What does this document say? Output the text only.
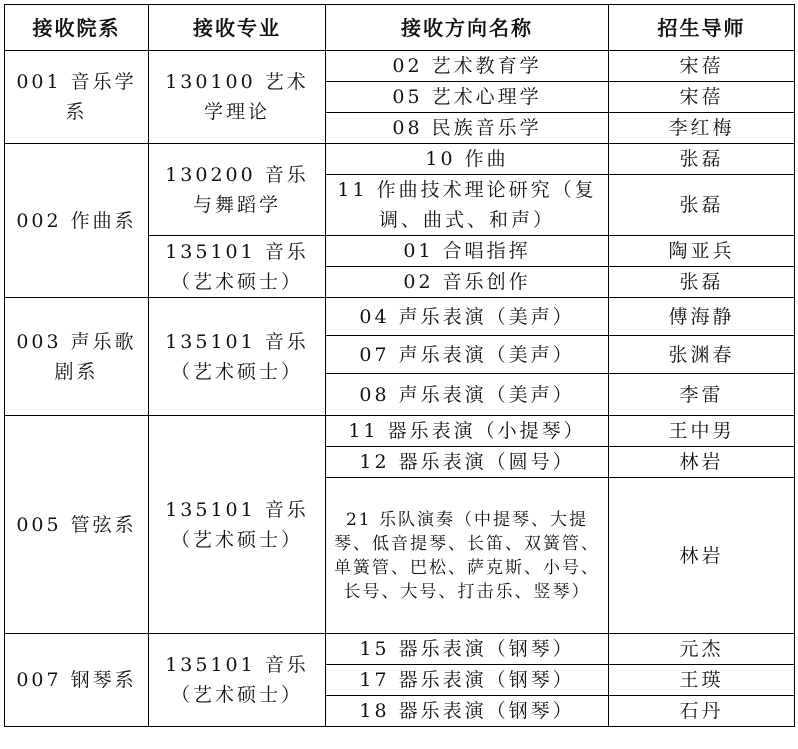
接收院系	接收专业	接收方向名称	招生导师
001 音乐学系	130100 艺术学理论	02 艺术教育学	宋蓓
		05 艺术心理学	宋蓓
		08 民族音乐学	李红梅
002 作曲系	130200 音乐与舞蹈学	10 作曲	张磊
		11 作曲技术理论研究（复调、曲式、和声）	张磊
	135101 音乐（艺术硕士）	01 合唱指挥	陶亚兵
		02 音乐创作	张磊
003 声乐歌剧系	135101 音乐（艺术硕士）	04 声乐表演（美声）	傅海静
		07 声乐表演（美声）	张渊春
		08 声乐表演（美声）	李雷
005 管弦系	135101 音乐（艺术硕士）	11 器乐表演（小提琴）	王中男
		12 器乐表演（圆号）	林岩
		21 乐队演奏（中提琴、大提琴、低音提琴、长笛、双簧管、单簧管、巴松、萨克斯、小号、长号、大号、打击乐、竖琴）	林岩
007 钢琴系	135101 音乐（艺术硕士）	15 器乐表演（钢琴）	元杰
		17 器乐表演（钢琴）	王瑛
		18 器乐表演（钢琴）	石丹
